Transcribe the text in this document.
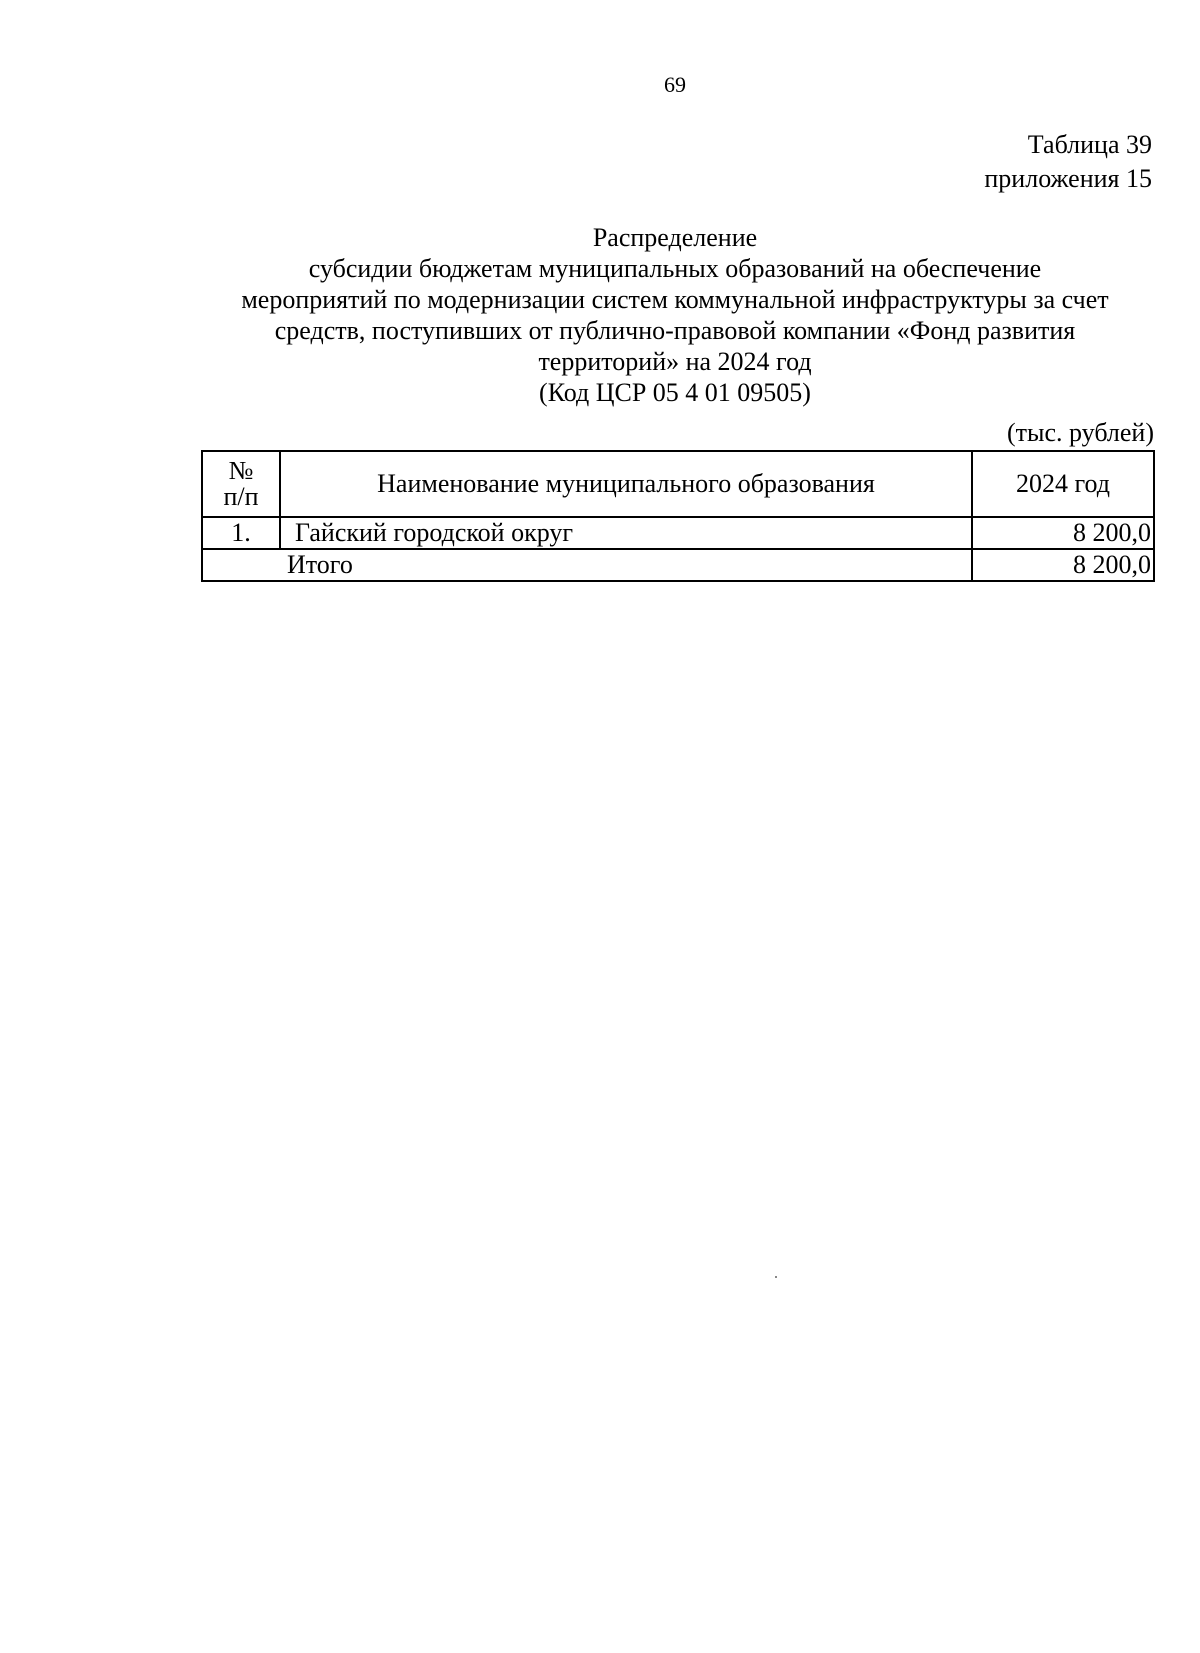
69
Таблица 39
приложения 15
Распределение
субсидии бюджетам муниципальных образований на обеспечение
мероприятий по модернизации систем коммунальной инфраструктуры за счет
средств, поступивших от публично-правовой компании «Фонд развития
территорий» на 2024 год
(Код ЦСР 05 4 01 09505)
(тыс. рублей)
№
п/п	Наименование муниципального образования	2024 год
1.	Гайский городской округ	8 200,0
Итого		8 200,0
